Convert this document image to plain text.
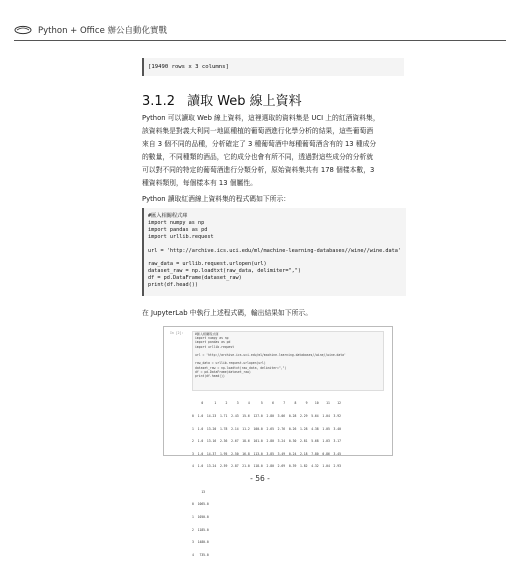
Python + Office 辦公自動化實戰
[19490 rows x 3 columns]
3.1.2 讀取 Web 線上資料
Python 可以讀取 Web 線上資料，這裡選取的資料集是 UCI 上的紅酒資料集，
該資料集是對義大利同一地區種植的葡萄酒進行化學分析的結果，這些葡萄酒
來自 3 個不同的品種，分析確定了 3 種葡萄酒中每種葡萄酒含有的 13 種成分
的數量，不同種類的酒品，它的成分也會有所不同，透過對這些成分的分析就
可以對不同的特定的葡萄酒進行分類分析，原始資料集共有 178 個樣本數，3
種資料類別，每個樣本有 13 個屬性。
Python 讀取紅酒線上資料集的程式碼如下所示：
#匯入相關程式庫
import numpy as np
import pandas as pd
import urllib.request

url = 'http://archive.ics.uci.edu/ml/machine-learning-databases//wine//wine.data'

raw_data = urllib.request.urlopen(url)
dataset_raw = np.loadtxt(raw_data, delimiter=",")
df = pd.DataFrame(dataset_raw)
print(df.head())
在 JupyterLab 中執行上述程式碼，輸出結果如下所示。
In [2]:	#匯入相關程式庫
import numpy as np
import pandas as pd
import urllib.request

url = 'http://archive.ics.uci.edu/ml/machine-learning-databases//wine//wine.data'

raw_data = urllib.request.urlopen(url)
dataset_raw = np.loadtxt(raw_data, delimiter=",")
df = pd.DataFrame(dataset_raw)
print(df.head())

0      1     2     3     4      5     6     7     8     9    10    11    12

0  1.0  14.23  1.71  2.43  15.6  127.0  2.80  3.06  0.28  2.29  5.64  1.04  3.92

1  1.0  13.20  1.78  2.14  11.2  100.0  2.65  2.76  0.26  1.28  4.38  1.05  3.40

2  1.0  13.16  2.36  2.67  18.6  101.0  2.80  3.24  0.30  2.81  5.68  1.03  3.17

3  1.0  14.37  1.95  2.50  16.8  113.0  3.85  3.49  0.24  2.18  7.80  0.86  3.45

4  1.0  13.24  2.59  2.87  21.0  118.0  2.80  2.69  0.39  1.82  4.32  1.04  2.93

13

0  1065.0

1  1050.0

2  1185.0

3  1480.0

4   735.0

- 56 -
